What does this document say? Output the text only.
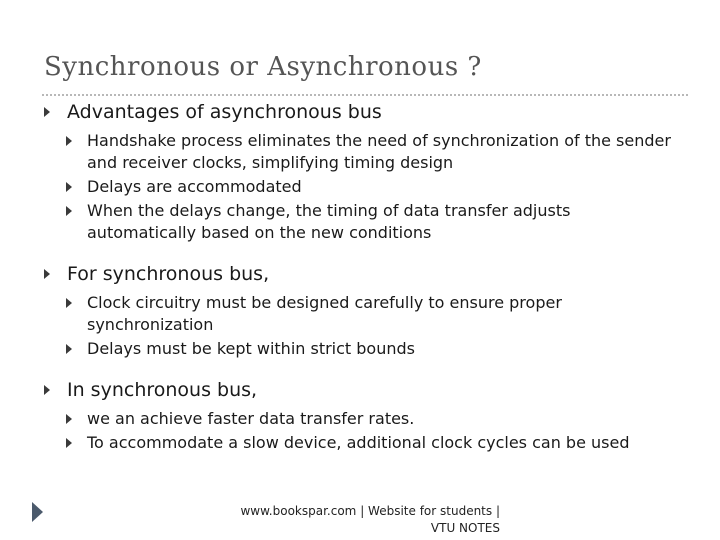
Synchronous or Asynchronous ?
Advantages of asynchronous bus
Handshake process eliminates the need of synchronization of the sender and receiver clocks, simplifying timing design
Delays are accommodated
When the delays change, the timing of data transfer adjusts automatically based on the new conditions
For synchronous bus,
Clock circuitry must be designed carefully to ensure proper synchronization
Delays must be kept within strict bounds
In synchronous bus,
we an achieve faster data transfer rates.
To accommodate a slow device, additional clock cycles can be used
www.bookspar.com | Website for students |
VTU NOTES
